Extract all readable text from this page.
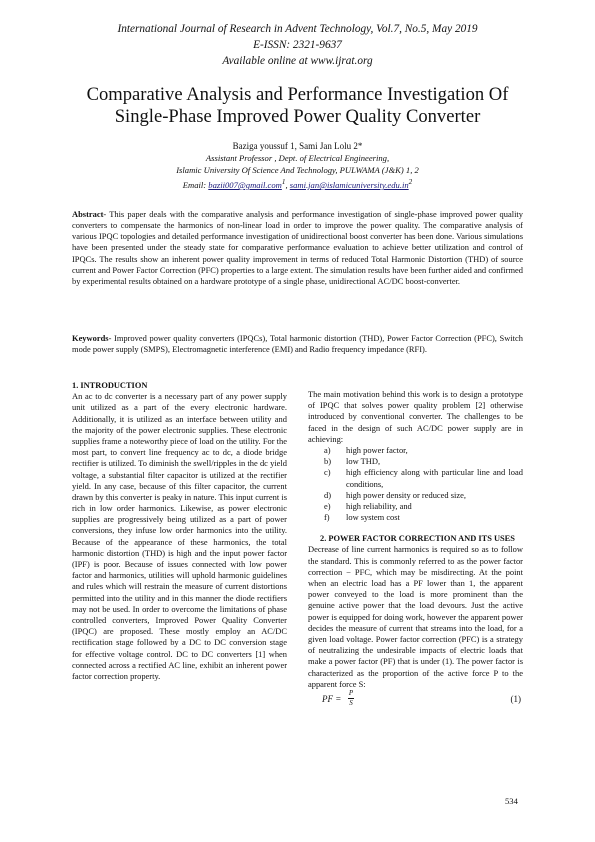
International Journal of Research in Advent Technology, Vol.7, No.5, May 2019
E-ISSN: 2321-9637
Available online at www.ijrat.org
Comparative Analysis and Performance Investigation Of
Single-Phase Improved Power Quality Converter
Baziga youssuf 1, Sami Jan Lolu 2*
Assistant Professor , Dept. of Electrical Engineering,
Islamic University Of Science And Technology, PULWAMA (J&K) 1, 2
Email: bazii007@gmail.com$^1$, $sami.jan@islamicuniversity.edu.in^2$
Abstract- This paper deals with the comparative analysis and performance investigation of single-phase improved power quality converters to compensate the harmonics of non-linear load in order to improve the power quality. The comparative analysis of various IPQC topologies and detailed performance investigation of unidirectional boost converter has been done. Various simulations have been presented under the steady state for comparative performance evaluation to achieve better utilization and control of IPQCs. The results show an inherent power quality improvement in terms of reduced Total Harmonic Distortion (THD) of source current and Power Factor Correction (PFC) properties to a large extent. The simulation results have been further aided and confirmed by experimental results obtained on a hardware prototype of a single phase, unidirectional AC/DC boost-converter.
Keywords- Improved power quality converters (IPQCs), Total harmonic distortion (THD), Power Factor Correction (PFC), Switch mode power supply (SMPS), Electromagnetic interference (EMI) and Radio frequency impedance (RFI).

1. INTRODUCTION

An ac to dc converter is a necessary part of any power supply unit utilized as a part of the every electronic hardware. Additionally, it is utilized as an interface between utility and the majority of the power electronic supplies. These electronic supplies frame a noteworthy piece of load on the utility. For the most part, to convert line frequency ac to dc, a diode bridge rectifier is utilized. To diminish the swell/ripples in the dc yield voltage, a substantial filter capacitor is utilized at the rectifier yield. In any case, because of this filter capacitor, the current drawn by this converter is peaky in nature. This input current is rich in low order harmonics. Likewise, as power electronic supplies are progressively being utilized as a part of power conversions, they infuse low order harmonics into the utility. Because of the appearance of these harmonics, the total harmonic distortion (THD) is high and the input power factor (IPF) is poor. Because of issues connected with low power factor and harmonics, utilities will uphold harmonic guidelines and rules which will restrain the measure of current distortions permitted into the utility and in this manner the diode rectifiers may not be used. In order to overcome the limitations of phase controlled converters, Improved Power Quality Converter (IPQC) are proposed. These mostly employ an AC/DC rectification stage followed by a DC to DC conversion stage for effective voltage control. DC to DC converters [1] when connected across a rectified AC line, exhibit an inherent power factor correction property.

The main motivation behind this work is to design a prototype of IPQC that solves power quality problem [2] otherwise introduced by conventional converter. The challenges to be faced in the design of such AC/DC power supply are in achieving:

a) high power factor,
b) low THD,
c) high efficiency along with particular line and load conditions,
d) high power density or reduced size,
e) high reliability, and
f) low system cost

2. POWER FACTOR CORRECTION AND ITS USES

Decrease of line current harmonics is required so as to follow the standard. This is commonly referred to as the power factor correction − PFC, which may be misdirecting. At the point when an electric load has a PF lower than 1, the apparent power conveyed to the load is more prominent than the genuine active power that the load devours. Just the active power is equipped for doing work, however the apparent power decides the measure of current that streams into the load, for a given load voltage. Power factor correction (PFC) is a strategy of neutralizing the undesirable impacts of electric loads that make a power factor (PF) that is under (1). The power factor is characterized as the proportion of the active force P to the apparent force S:

PF =
P
S	(1)
534
